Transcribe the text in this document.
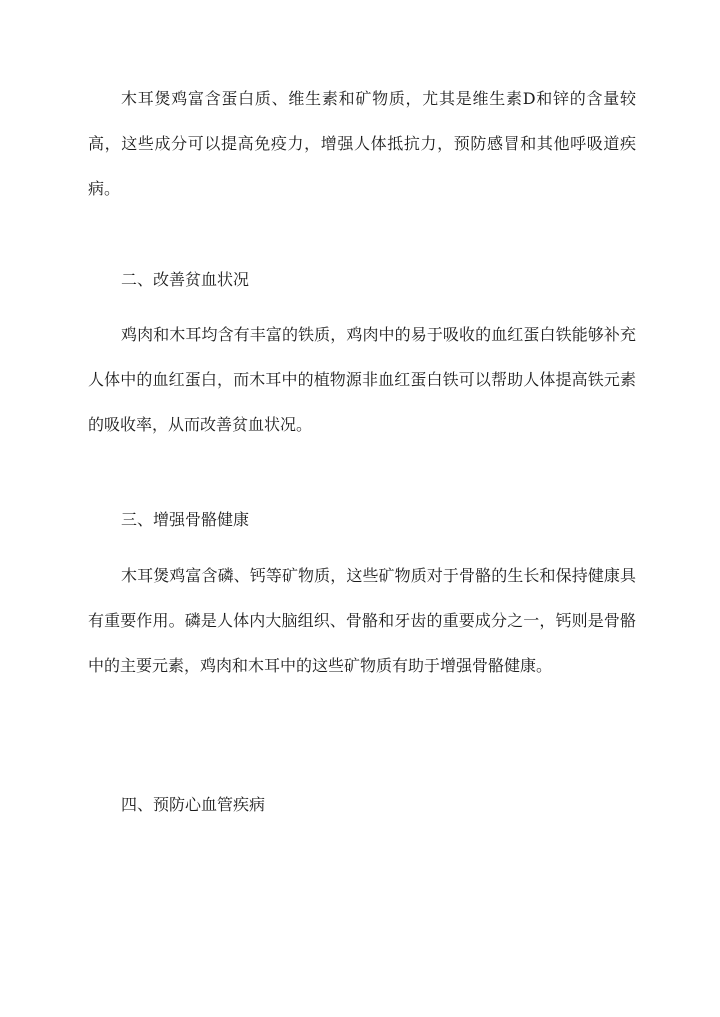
木耳煲鸡富含蛋白质、维生素和矿物质，尤其是维生素D和锌的含量较高，这些成分可以提高免疫力，增强人体抵抗力，预防感冒和其他呼吸道疾病。

二、改善贫血状况

鸡肉和木耳均含有丰富的铁质，鸡肉中的易于吸收的血红蛋白铁能够补充人体中的血红蛋白，而木耳中的植物源非血红蛋白铁可以帮助人体提高铁元素的吸收率，从而改善贫血状况。

三、增强骨骼健康

木耳煲鸡富含磷、钙等矿物质，这些矿物质对于骨骼的生长和保持健康具有重要作用。磷是人体内大脑组织、骨骼和牙齿的重要成分之一，钙则是骨骼中的主要元素，鸡肉和木耳中的这些矿物质有助于增强骨骼健康。

四、预防心血管疾病
